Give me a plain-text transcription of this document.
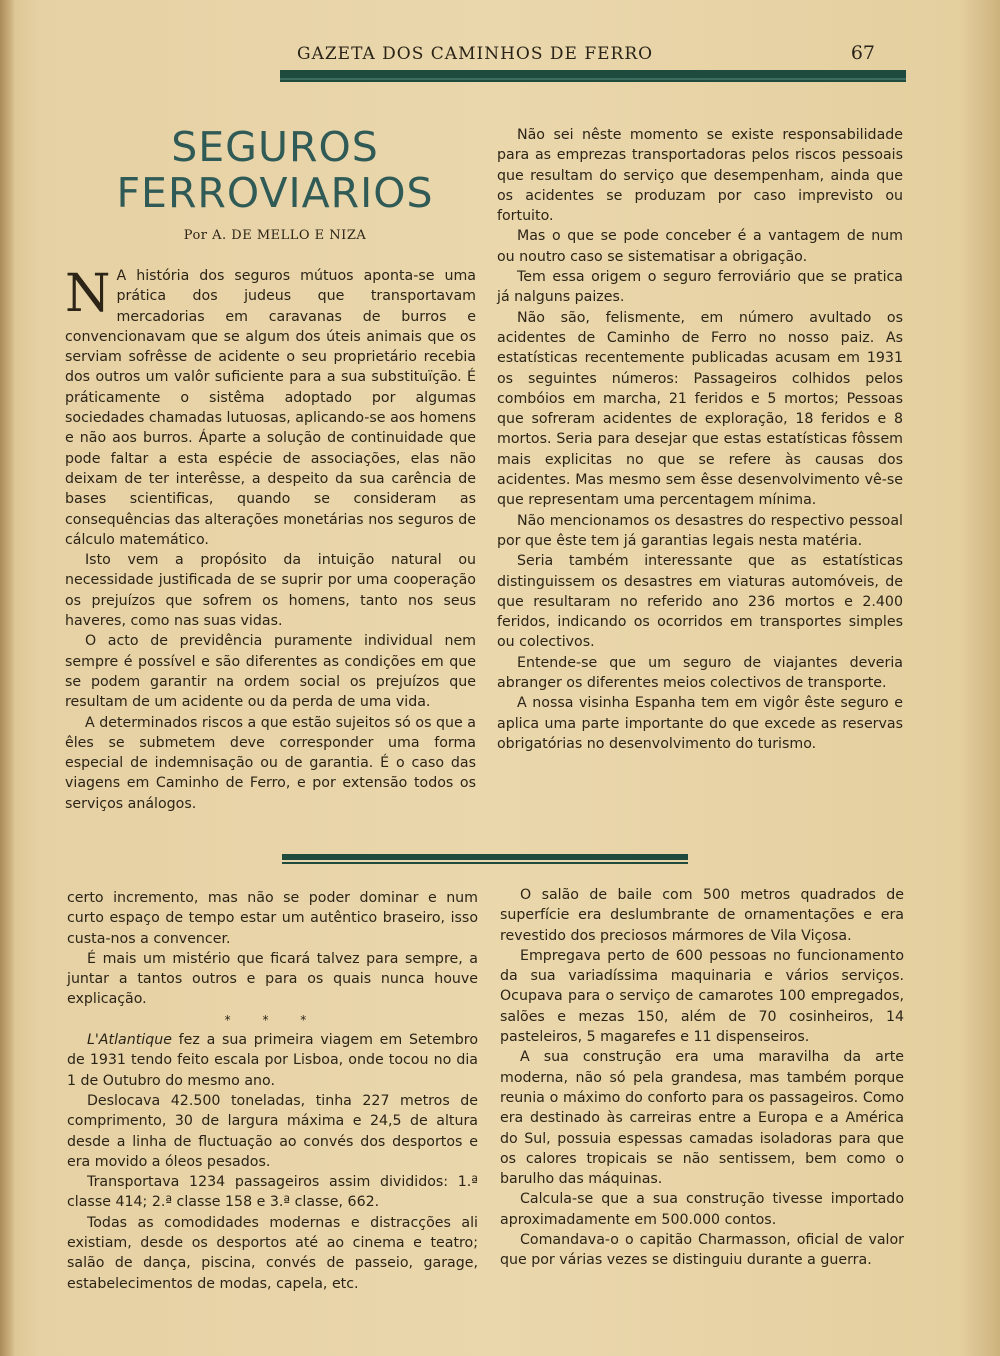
GAZETA DOS CAMINHOS DE FERRO	67
SEGUROS
FERROVIARIOS
Por A. DE MELLO E NIZA

N A história dos seguros mútuos aponta-se uma prática dos judeus que transportavam mercadorias em caravanas de burros e convencionavam que se algum dos úteis animais que os serviam sofrêsse de acidente o seu proprietário recebia dos outros um valôr suficiente para a sua substituïção. É práticamente o sistêma adoptado por algumas sociedades chamadas lutuosas, aplicando-se aos homens e não aos burros. Áparte a solução de continuidade que pode faltar a esta espécie de associações, elas não deixam de ter interêsse, a despeito da sua carência de bases scientificas, quando se consideram as consequências das alterações monetárias nos seguros de cálculo matemático.

Isto vem a propósito da intuição natural ou necessidade justificada de se suprir por uma cooperação os prejuízos que sofrem os homens, tanto nos seus haveres, como nas suas vidas.

O acto de previdência puramente individual nem sempre é possível e são diferentes as condições em que se podem garantir na ordem social os prejuízos que resultam de um acidente ou da perda de uma vida.

A determinados riscos a que estão sujeitos só os que a êles se submetem deve corresponder uma forma especial de indemnisação ou de garantia. É o caso das viagens em Caminho de Ferro, e por extensão todos os serviços análogos.

Não sei nêste momento se existe responsabilidade para as emprezas transportadoras pelos riscos pessoais que resultam do serviço que desempenham, ainda que os acidentes se produzam por caso imprevisto ou fortuito.

Mas o que se pode conceber é a vantagem de num ou noutro caso se sistematisar a obrigação.

Tem essa origem o seguro ferroviário que se pratica já nalguns paizes.

Não são, felismente, em número avultado os acidentes de Caminho de Ferro no nosso paiz. As estatísticas recentemente publicadas acusam em 1931 os seguintes números: Passageiros colhidos pelos combóios em marcha, 21 feridos e 5 mortos; Pessoas que sofreram acidentes de exploração, 18 feridos e 8 mortos. Seria para desejar que estas estatísticas fôssem mais explicitas no que se refere às causas dos acidentes. Mas mesmo sem êsse desenvolvimento vê-se que representam uma percentagem mínima.

Não mencionamos os desastres do respectivo pessoal por que êste tem já garantias legais nesta matéria.

Seria também interessante que as estatísticas distinguissem os desastres em viaturas automóveis, de que resultaram no referido ano 236 mortos e 2.400 feridos, indicando os ocorridos em transportes simples ou colectivos.

Entende-se que um seguro de viajantes deveria abranger os diferentes meios colectivos de transporte.

A nossa visinha Espanha tem em vigôr êste seguro e aplica uma parte importante do que excede as reservas obrigatórias no desenvolvimento do turismo.

certo incremento, mas não se poder dominar e num curto espaço de tempo estar um autêntico braseiro, isso custa-nos a convencer.

É mais um mistério que ficará talvez para sempre, a juntar a tantos outros e para os quais nunca houve explicação.

* * *

L'Atlantique fez a sua primeira viagem em Setembro de 1931 tendo feito escala por Lisboa, onde tocou no dia 1 de Outubro do mesmo ano.

Deslocava 42.500 toneladas, tinha 227 metros de comprimento, 30 de largura máxima e 24,5 de altura desde a linha de fluctuação ao convés dos desportos e era movido a óleos pesados.

Transportava 1234 passageiros assim divididos: 1.ª classe 414; 2.ª classe 158 e 3.ª classe, 662.

Todas as comodidades modernas e distracções ali existiam, desde os desportos até ao cinema e teatro; salão de dança, piscina, convés de passeio, garage, estabelecimentos de modas, capela, etc.

O salão de baile com 500 metros quadrados de superfície era deslumbrante de ornamentações e era revestido dos preciosos mármores de Vila Viçosa.

Empregava perto de 600 pessoas no funcionamento da sua variadíssima maquinaria e vários serviços. Ocupava para o serviço de camarotes 100 empregados, salões e mezas 150, além de 70 cosinheiros, 14 pasteleiros, 5 magarefes e 11 dispenseiros.

A sua construção era uma maravilha da arte moderna, não só pela grandesa, mas também porque reunia o máximo do conforto para os passageiros. Como era destinado às carreiras entre a Europa e a América do Sul, possuia espessas camadas isoladoras para que os calores tropicais se não sentissem, bem como o barulho das máquinas.

Calcula-se que a sua construção tivesse importado aproximadamente em 500.000 contos.

Comandava-o o capitão Charmasson, oficial de valor que por várias vezes se distinguiu durante a guerra.
